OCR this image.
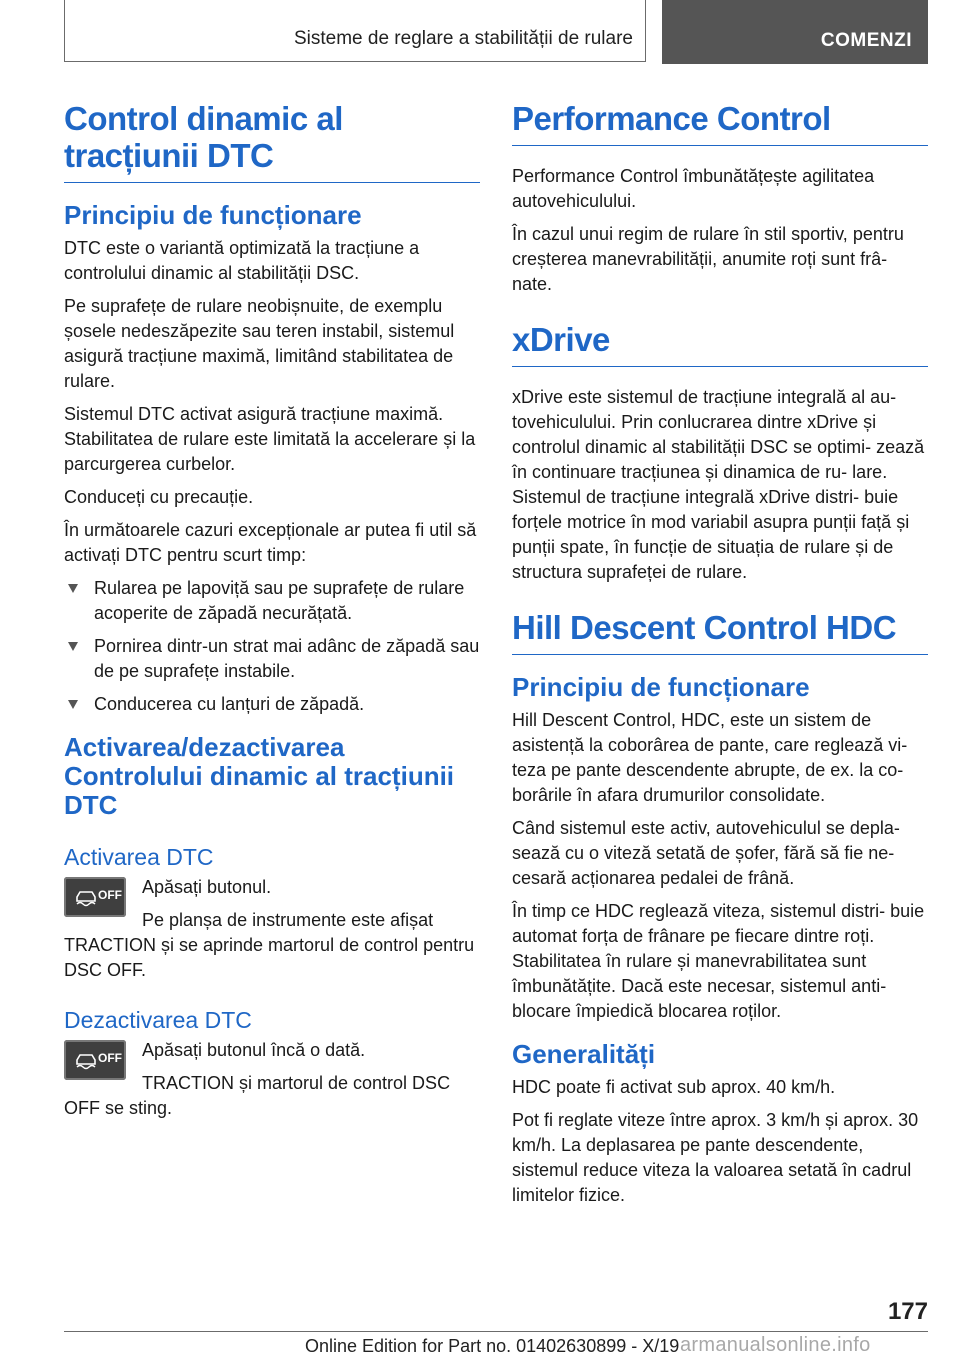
Sisteme de reglare a stabilității de rulare	COMENZI
Control dinamic al tracțiunii DTC
Principiu de funcționare

DTC este o variantă optimizată la tracțiune a controlului dinamic al stabilității DSC.

Pe suprafețe de rulare neobișnuite, de exemplu șosele nedeszăpezite sau teren instabil, sistemul asigură tracțiune maximă, limitând stabilitatea de rulare.

Sistemul DTC activat asigură tracțiune maximă. Stabilitatea de rulare este limitată la accelerare și la parcurgerea curbelor.

Conduceți cu precauție.

În următoarele cazuri excepționale ar putea fi util să activați DTC pentru scurt timp:

Rularea pe lapoviță sau pe suprafețe de rulare acoperite de zăpadă necurățată.
Pornirea dintr-un strat mai adânc de zăpadă sau de pe suprafețe instabile.
Conducerea cu lanțuri de zăpadă.
Activarea/dezactivarea Controlului dinamic al tracțiunii DTC
Activarea DTC
OFF	Apăsați butonul.

Pe planșa de instrumente este afișat TRACTION și se aprinde martorul de control pentru DSC OFF.

Dezactivarea DTC
OFF	Apăsați butonul încă o dată.

TRACTION și martorul de control DSC OFF se sting.

Performance Control

Performance Control îmbunătățește agilitatea autovehiculului.

În cazul unui regim de rulare în stil sportiv, pentru creșterea manevrabilității, anumite roți sunt frâ- nate.

xDrive

xDrive este sistemul de tracțiune integrală al au- tovehiculului. Prin conlucrarea dintre xDrive și controlul dinamic al stabilității DSC se optimi- zează în continuare tracțiunea și dinamica de ru- lare. Sistemul de tracțiune integrală xDrive distri- buie forțele motrice în mod variabil asupra punții față și punții spate, în funcție de situația de rulare și de structura suprafeței de rulare.

Hill Descent Control HDC
Principiu de funcționare

Hill Descent Control, HDC, este un sistem de asistență la coborârea de pante, care reglează vi- teza pe pante descendente abrupte, de ex. la co- borârile în afara drumurilor consolidate.

Când sistemul este activ, autovehiculul se depla- sează cu o viteză setată de șofer, fără să fie ne- cesară acționarea pedalei de frână.

În timp ce HDC reglează viteza, sistemul distri- buie automat forța de frânare pe fiecare dintre roți. Stabilitatea în rulare și manevrabilitatea sunt îmbunătățite. Dacă este necesar, sistemul anti- blocare împiedică blocarea roților.

Generalități

HDC poate fi activat sub aprox. 40 km/h.

Pot fi reglate viteze între aprox. 3 km/h și aprox. 30 km/h. La deplasarea pe pante descendente, sistemul reduce viteza la valoarea setată în cadrul limitelor fizice.

177
Online Edition for Part no. 01402630899 - X/19 armanualsonline.info
